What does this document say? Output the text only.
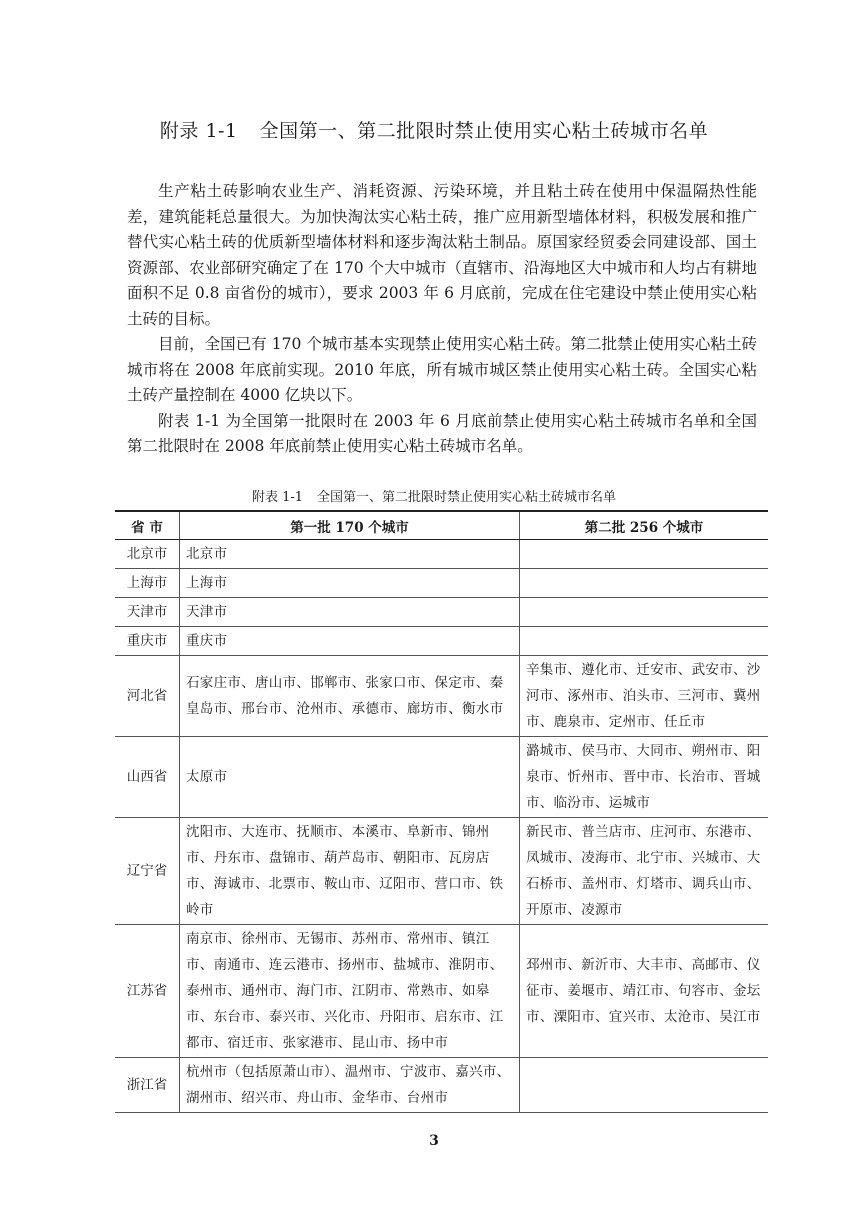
附录 1-1 全国第一、第二批限时禁止使用实心粘土砖城市名单

生产粘土砖影响农业生产、消耗资源、污染环境，并且粘土砖在使用中保温隔热性能差，建筑能耗总量很大。为加快淘汰实心粘土砖，推广应用新型墙体材料，积极发展和推广替代实心粘土砖的优质新型墙体材料和逐步淘汰粘土制品。原国家经贸委会同建设部、国土资源部、农业部研究确定了在 170 个大中城市（直辖市、沿海地区大中城市和人均占有耕地面积不足 0.8 亩省份的城市），要求 2003 年 6 月底前，完成在住宅建设中禁止使用实心粘土砖的目标。

目前，全国已有 170 个城市基本实现禁止使用实心粘土砖。第二批禁止使用实心粘土砖城市将在 2008 年底前实现。2010 年底，所有城市城区禁止使用实心粘土砖。全国实心粘土砖产量控制在 4000 亿块以下。

附表 1-1 为全国第一批限时在 2003 年 6 月底前禁止使用实心粘土砖城市名单和全国第二批限时在 2008 年底前禁止使用实心粘土砖城市名单。

附表 1-1 全国第一、第二批限时禁止使用实心粘土砖城市名单
省 市	第一批 170 个城市	第二批 256 个城市
北京市	北京市	
上海市	上海市	
天津市	天津市	
重庆市	重庆市	
河北省	石家庄市、唐山市、邯郸市、张家口市、保定市、秦皇岛市、邢台市、沧州市、承德市、廊坊市、衡水市	辛集市、遵化市、迁安市、武安市、沙河市、涿州市、泊头市、三河市、冀州市、鹿泉市、定州市、任丘市
山西省	太原市	潞城市、侯马市、大同市、朔州市、阳泉市、忻州市、晋中市、长治市、晋城市、临汾市、运城市
辽宁省	沈阳市、大连市、抚顺市、本溪市、阜新市、锦州市、丹东市、盘锦市、葫芦岛市、朝阳市、瓦房店市、海诚市、北票市、鞍山市、辽阳市、营口市、铁岭市	新民市、普兰店市、庄河市、东港市、凤城市、凌海市、北宁市、兴城市、大石桥市、盖州市、灯塔市、调兵山市、开原市、凌源市
江苏省	南京市、徐州市、无锡市、苏州市、常州市、镇江市、南通市、连云港市、扬州市、盐城市、淮阴市、泰州市、通州市、海门市、江阴市、常熟市、如皋市、东台市、泰兴市、兴化市、丹阳市、启东市、江都市、宿迁市、张家港市、昆山市、扬中市	邳州市、新沂市、大丰市、高邮市、仪征市、姜堰市、靖江市、句容市、金坛市、溧阳市、宜兴市、太沧市、吴江市
浙江省	杭州市（包括原萧山市）、温州市、宁波市、嘉兴市、湖州市、绍兴市、舟山市、金华市、台州市	
3
